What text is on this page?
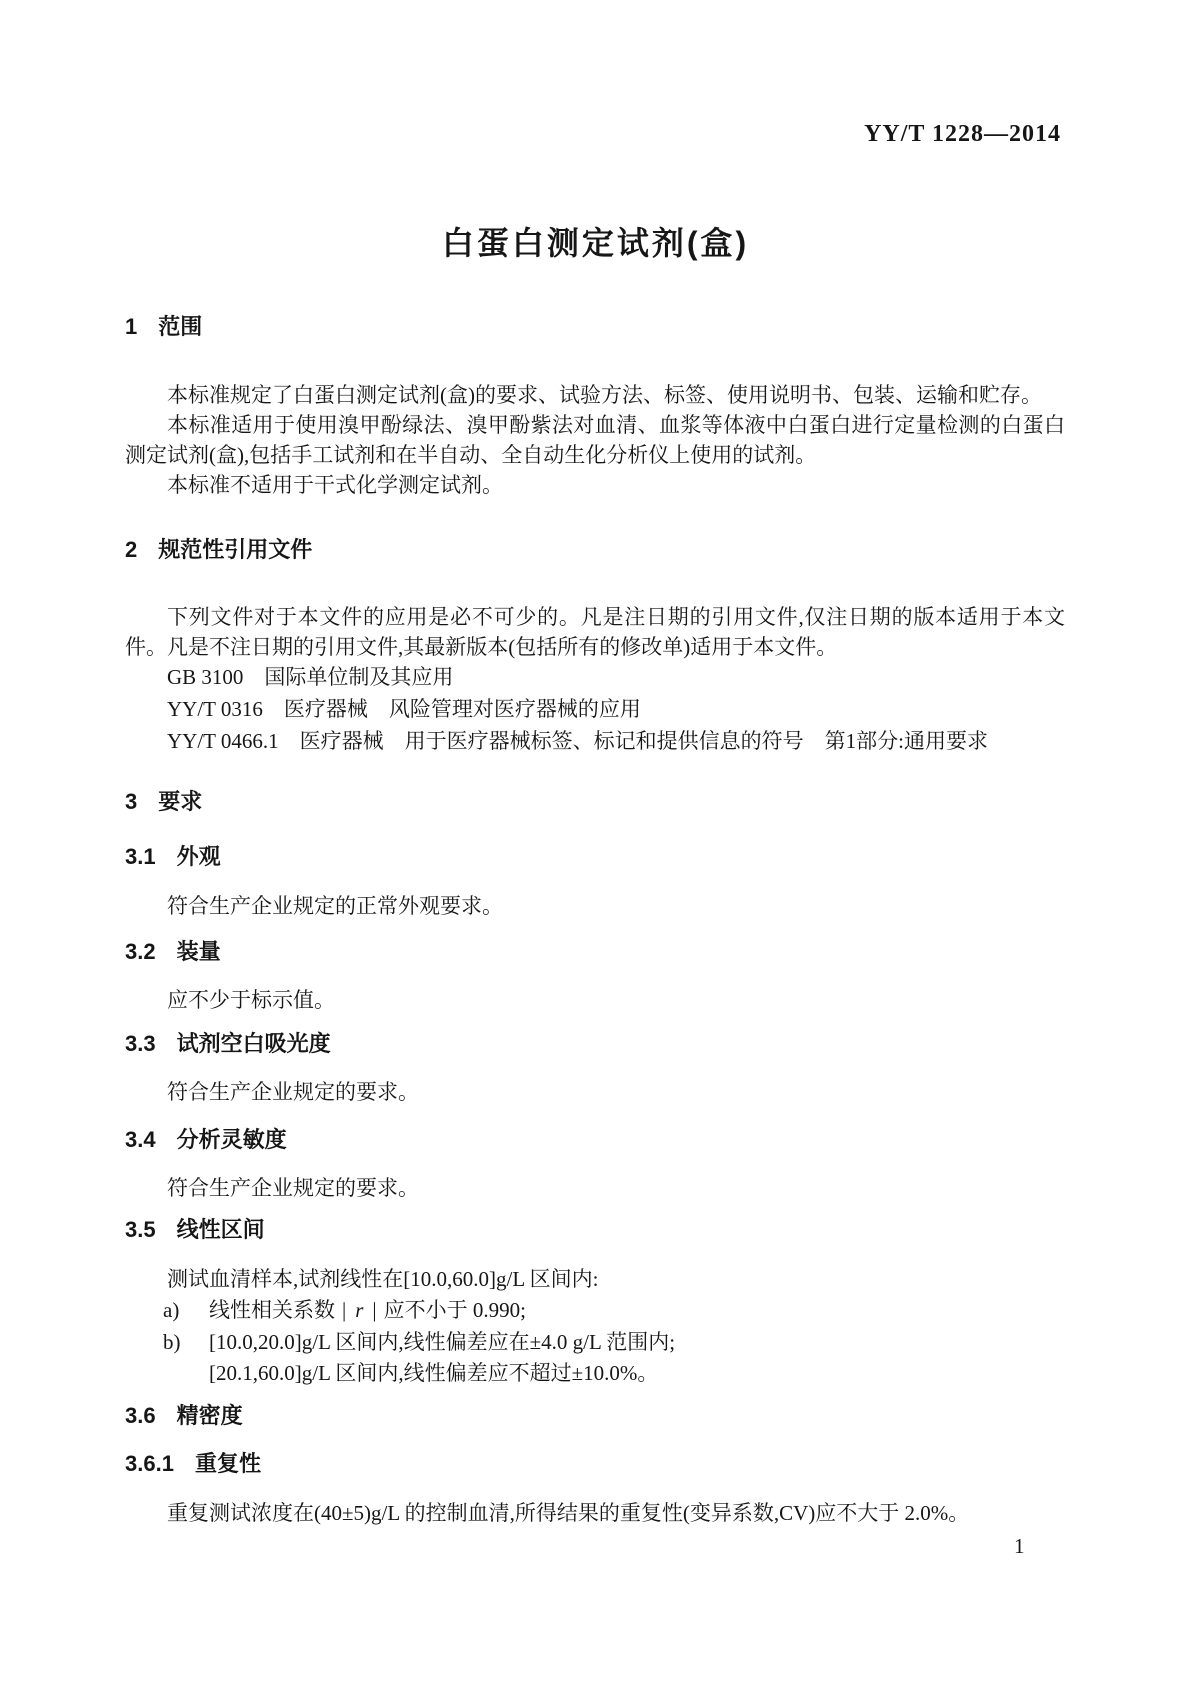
YY/T 1228—2014
白蛋白测定试剂(盒)
1 范围
本标准规定了白蛋白测定试剂(盒)的要求、试验方法、标签、使用说明书、包装、运输和贮存。
本标准适用于使用溴甲酚绿法、溴甲酚紫法对血清、血浆等体液中白蛋白进行定量检测的白蛋白测定试剂(盒),包括手工试剂和在半自动、全自动生化分析仪上使用的试剂。
本标准不适用于干式化学测定试剂。
2 规范性引用文件
下列文件对于本文件的应用是必不可少的。凡是注日期的引用文件,仅注日期的版本适用于本文件。凡是不注日期的引用文件,其最新版本(包括所有的修改单)适用于本文件。
GB 3100　国际单位制及其应用
YY/T 0316　医疗器械　风险管理对医疗器械的应用
YY/T 0466.1　医疗器械　用于医疗器械标签、标记和提供信息的符号　第1部分:通用要求
3 要求
3.1 外观
符合生产企业规定的正常外观要求。
3.2 装量
应不少于标示值。
3.3 试剂空白吸光度
符合生产企业规定的要求。
3.4 分析灵敏度
符合生产企业规定的要求。
3.5 线性区间
测试血清样本,试剂线性在[10.0,60.0]g/L 区间内:
a) 线性相关系数 | r | 应不小于 0.990;
b) [10.0,20.0]g/L 区间内,线性偏差应在±4.0 g/L 范围内;
[20.1,60.0]g/L 区间内,线性偏差应不超过±10.0%。
3.6 精密度
3.6.1 重复性
重复测试浓度在(40±5)g/L 的控制血清,所得结果的重复性(变异系数,CV)应不大于 2.0%。
1
